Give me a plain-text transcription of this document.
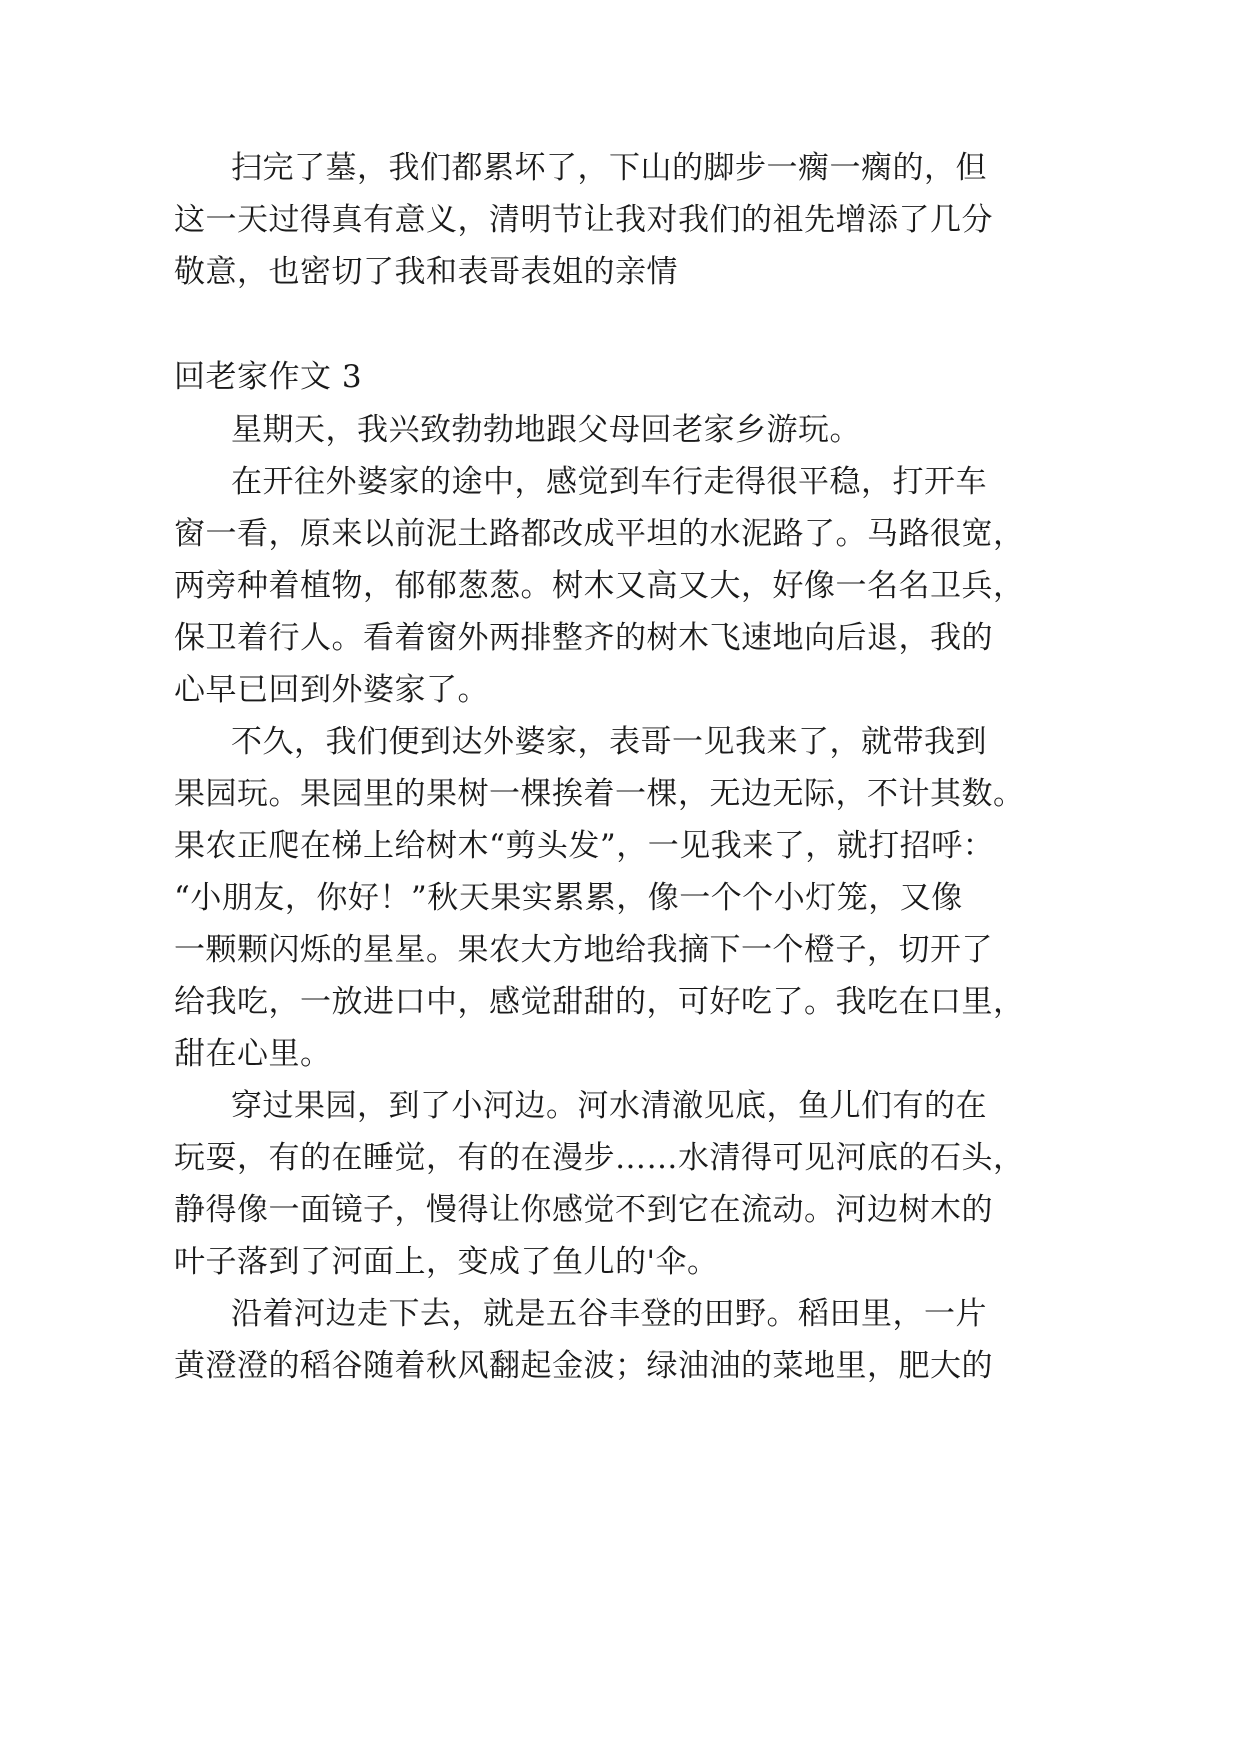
扫完了墓，我们都累坏了，下山的脚步一瘸一瘸的，但
这一天过得真有意义，清明节让我对我们的祖先增添了几分
敬意，也密切了我和表哥表姐的亲情
回老家作文 3
星期天，我兴致勃勃地跟父母回老家乡游玩。
在开往外婆家的途中，感觉到车行走得很平稳，打开车
窗一看，原来以前泥土路都改成平坦的水泥路了。马路很宽，
两旁种着植物，郁郁葱葱。树木又高又大，好像一名名卫兵，
保卫着行人。看着窗外两排整齐的树木飞速地向后退，我的
心早已回到外婆家了。
不久，我们便到达外婆家，表哥一见我来了，就带我到
果园玩。果园里的果树一棵挨着一棵，无边无际，不计其数。
果农正爬在梯上给树木“剪头发”，一见我来了，就打招呼：
“小朋友，你好！”秋天果实累累，像一个个小灯笼，又像
一颗颗闪烁的星星。果农大方地给我摘下一个橙子，切开了
给我吃，一放进口中，感觉甜甜的，可好吃了。我吃在口里，
甜在心里。
穿过果园，到了小河边。河水清澈见底，鱼儿们有的在
玩耍，有的在睡觉，有的在漫步……水清得可见河底的石头，
静得像一面镜子，慢得让你感觉不到它在流动。河边树木的
叶子落到了河面上，变成了鱼儿的'伞。
沿着河边走下去，就是五谷丰登的田野。稻田里，一片
黄澄澄的稻谷随着秋风翻起金波；绿油油的菜地里，肥大的
